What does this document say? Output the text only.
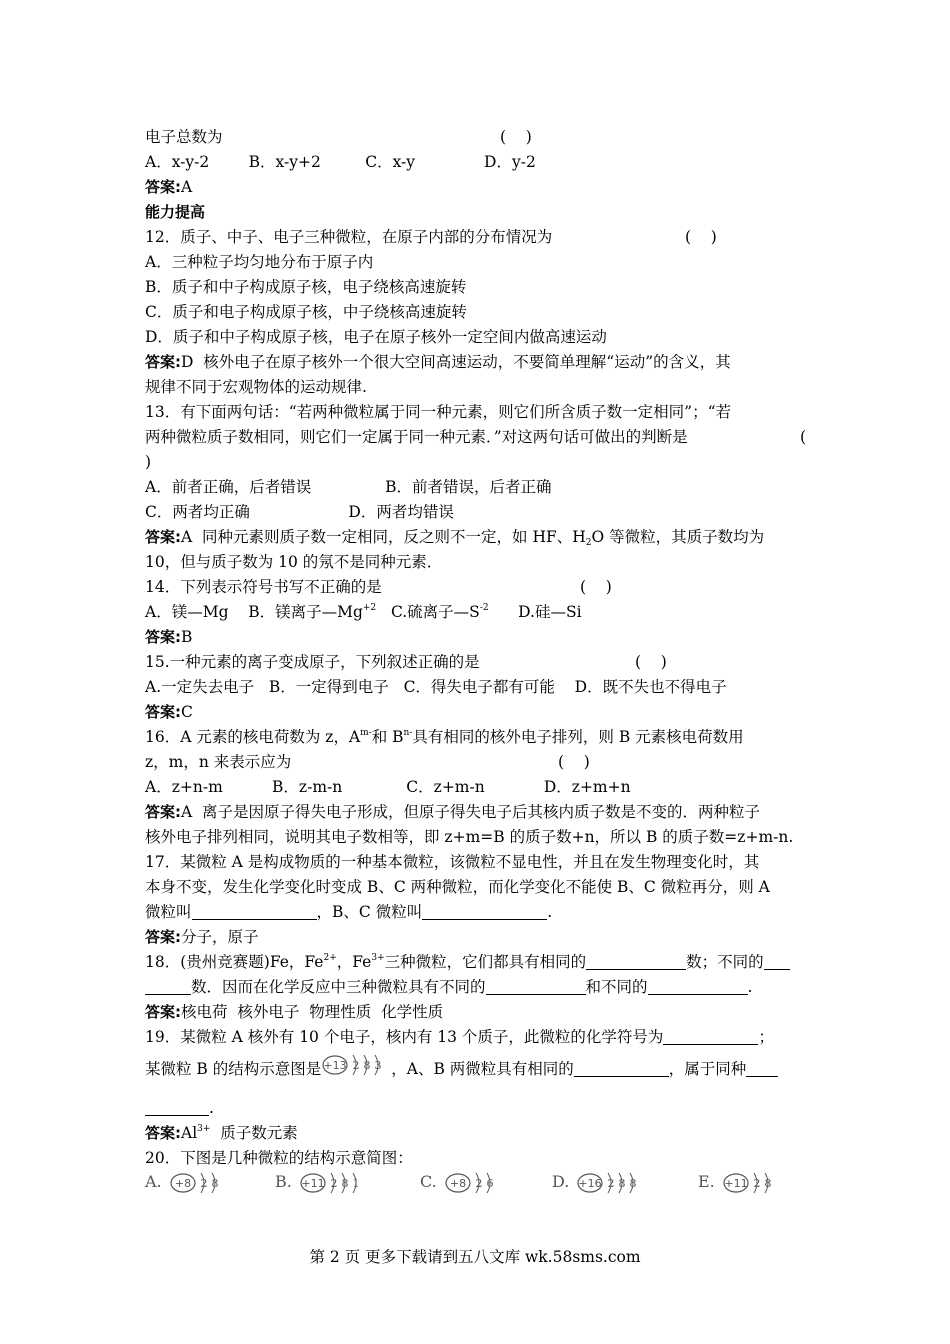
电子总数为	(    )
A．x-y-2        B．x-y+2         C．x-y              D．y-2
答案:A
能力提高
12．质子、中子、电子三种微粒，在原子内部的分布情况为	(    )
A．三种粒子均匀地分布于原子内
B．质子和中子构成原子核，电子绕核高速旋转
C．质子和电子构成原子核，中子绕核高速旋转
D．质子和中子构成原子核，电子在原子核外一定空间内做高速运动
答案:D  核外电子在原子核外一个很大空间高速运动，不要简单理解“运动”的含义，其
规律不同于宏观物体的运动规律.
13．有下面两句话：“若两种微粒属于同一种元素，则它们所含质子数一定相同”；“若
两种微粒质子数相同，则它们一定属于同一种元素．”对这两句话可做出的判断是	(
)
A．前者正确，后者错误               B．前者错误，后者正确
C．两者均正确                    D．两者均错误
答案:A  同种元素则质子数一定相同，反之则不一定，如 HF、$H_2O$ 等微粒，其质子数均为
10，但与质子数为 10 的氖不是同种元素．
14．下列表示符号书写不正确的是	(    )
A．镁—Mg    B．镁离子$—Mg^{+2}$   C.硫离子$—S^{-2}$      D.硅—Si
答案:B
15.一种元素的离子变成原子，下列叙述正确的是	(    )
A.一定失去电子   B．一定得到电子   C．得失电子都有可能    D．既不失也不得电子
答案:C
16．A 元素的核电荷数为 z，$A^{m-}$和 $B^{n-}$具有相同的核外电子排列，则 B 元素核电荷数用
z，m，n 来表示应为	(    )
A．z+n-m          B．z-m-n             C．z+m-n            D．z+m+n
答案:A  离子是因原子得失电子形成，但原子得失电子后其核内质子数是不变的．两种粒子
核外电子排列相同，说明其电子数相等，即 z+m=B 的质子数+n，所以 B 的质子数=z+m-n.
17．某微粒 A 是构成物质的一种基本微粒，该微粒不显电性，并且在发生物理变化时，其
本身不变，发生化学变化时变成 B、C 两种微粒，而化学变化不能使 B、C 微粒再分，则 A
微粒叫	，B、C 微粒叫	.
答案:分子，原子
18．(贵州竞赛题)Fe，$Fe^{2+}$，$Fe^{3+}$三种微粒，它们都具有相同的	数；不同的
数．因而在化学反应中三种微粒具有不同的	和不同的	.
答案:核电荷  核外电子  物理性质  化学性质
19．某微粒 A 核外有 10 个电子，核内有 13 个质子，此微粒的化学符号为	；
某微粒 B 的结构示意图是 +13 2 8 3 ，A、B 两微粒具有相同的	，属于同种
.
答案$:Al^{3+}$  质子数元素
20．下图是几种微粒的结构示意简图：
A. +8 2 8	B. +11 2 8 1	C. +8 2 6	D. +16 2 8 8	E. +11 2 8
第 2 页 更多下载请到五八文库 wk.58sms.com
